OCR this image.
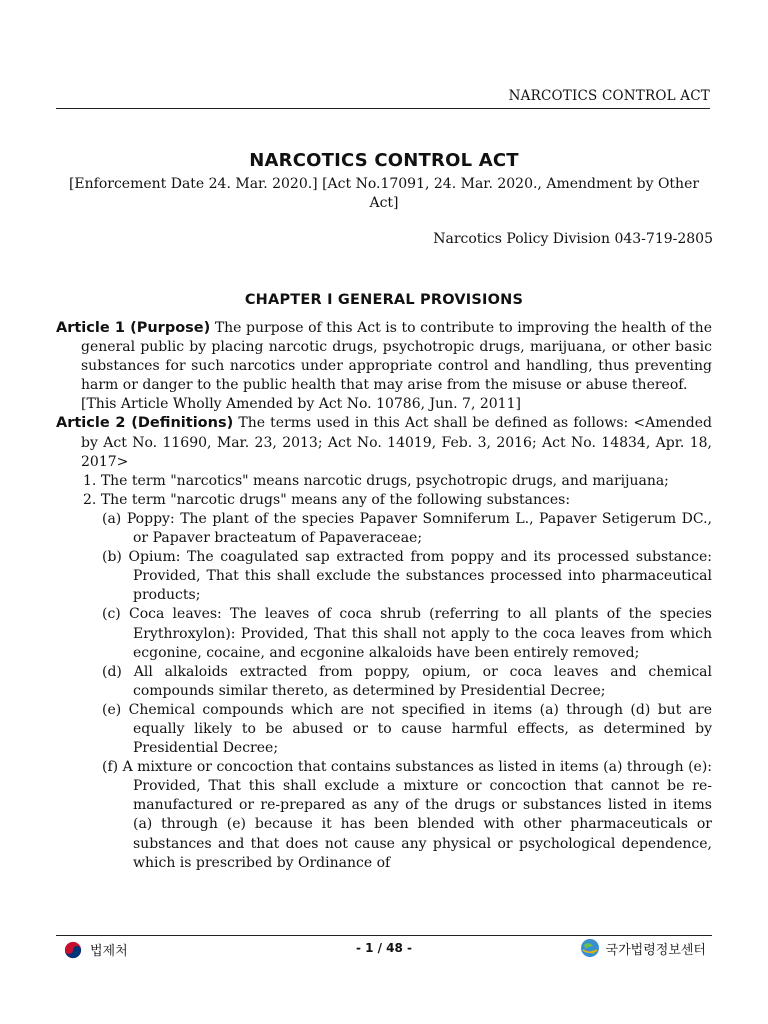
NARCOTICS CONTROL ACT
NARCOTICS CONTROL ACT
[Enforcement Date 24. Mar. 2020.] [Act No.17091, 24. Mar. 2020., Amendment by Other Act]
Narcotics Policy Division 043-719-2805
CHAPTER I GENERAL PROVISIONS

Article 1 (Purpose) The purpose of this Act is to contribute to improving the health of the general public by placing narcotic drugs, psychotropic drugs, marijuana, or other basic substances for such narcotics under appropriate control and handling, thus preventing harm or danger to the public health that may arise from the misuse or abuse thereof.

[This Article Wholly Amended by Act No. 10786, Jun. 7, 2011]

Article 2 (Definitions) The terms used in this Act shall be defined as follows: <Amended by Act No. 11690, Mar. 23, 2013; Act No. 14019, Feb. 3, 2016; Act No. 14834, Apr. 18, 2017>

1. The term "narcotics" means narcotic drugs, psychotropic drugs, and marijuana;

2. The term "narcotic drugs" means any of the following substances:

(a) Poppy: The plant of the species Papaver Somniferum L., Papaver Setigerum DC., or Papaver bracteatum of Papaveraceae;

(b) Opium: The coagulated sap extracted from poppy and its processed substance: Provided, That this shall exclude the substances processed into pharmaceutical products;

(c) Coca leaves: The leaves of coca shrub (referring to all plants of the species Erythroxylon): Provided, That this shall not apply to the coca leaves from which ecgonine, cocaine, and ecgonine alkaloids have been entirely removed;

(d) All alkaloids extracted from poppy, opium, or coca leaves and chemical compounds similar thereto, as determined by Presidential Decree;

(e) Chemical compounds which are not specified in items (a) through (d) but are equally likely to be abused or to cause harmful effects, as determined by Presidential Decree;

(f) A mixture or concoction that contains substances as listed in items (a) through (e): Provided, That this shall exclude a mixture or concoction that cannot be re-manufactured or re-prepared as any of the drugs or substances listed in items (a) through (e) because it has been blended with other pharmaceuticals or substances and that does not cause any physical or psychological dependence, which is prescribed by Ordinance of

법제처	- 1 / 48 -	국가법령정보센터
